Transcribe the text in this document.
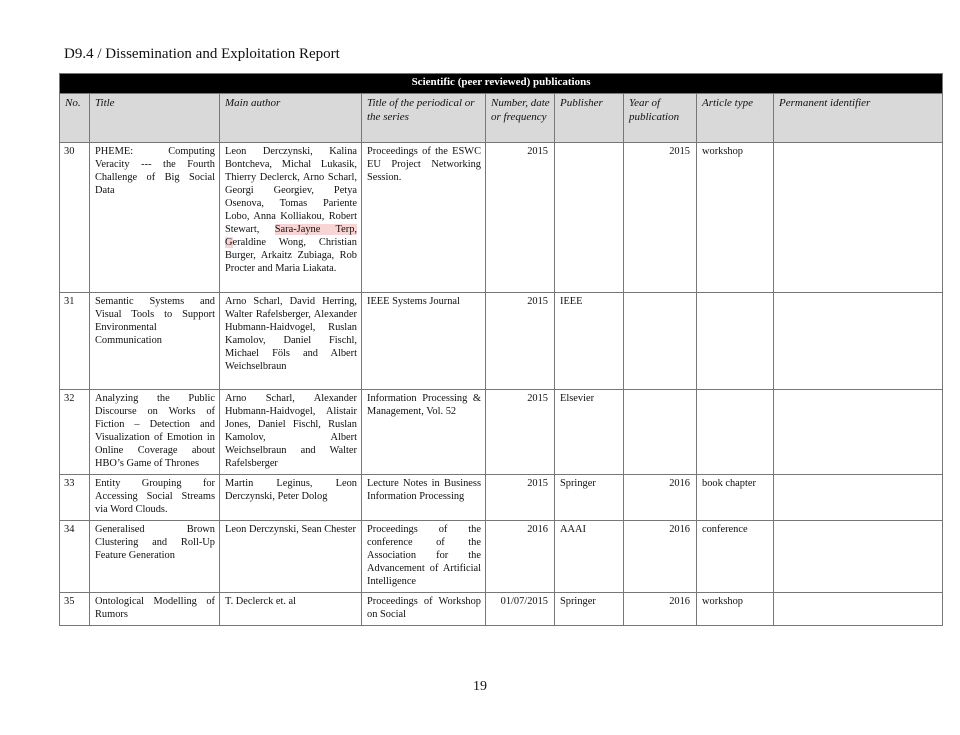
D9.4 / Dissemination and Exploitation Report
Scientific (peer reviewed) publications								
No.	Title	Main author	Title of the periodical or the series	Number, date or frequency	Publisher	Year of publication	Article type	Permanent identifier
30	PHEME: Computing Veracity --- the Fourth Challenge of Big Social Data	Leon Derczynski, Kalina Bontcheva, Michal Lukasik, Thierry Declerck, Arno Scharl, Georgi Georgiev, Petya Osenova, Tomas Pariente Lobo, Anna Kolliakou, Robert Stewart, Sara-Jayne Terp, Geraldine Wong, Christian Burger, Arkaitz Zubiaga, Rob Procter and Maria Liakata.	Proceedings of the ESWC EU Project Networking Session.	2015		2015	workshop	
31	Semantic Systems and Visual Tools to Support Environmental Communication	Arno Scharl, David Herring, Walter Rafelsberger, Alexander Hubmann-Haidvogel, Ruslan Kamolov, Daniel Fischl, Michael Föls and Albert Weichselbraun	IEEE Systems Journal	2015	IEEE			
32	Analyzing the Public Discourse on Works of Fiction – Detection and Visualization of Emotion in Online Coverage about HBO’s Game of Thrones	Arno Scharl, Alexander Hubmann-Haidvogel, Alistair Jones, Daniel Fischl, Ruslan Kamolov, Albert Weichselbraun and Walter Rafelsberger	Information Processing & Management, Vol. 52	2015	Elsevier			
33	Entity Grouping for Accessing Social Streams via Word Clouds.	Martin Leginus, Leon Derczynski, Peter Dolog	Lecture Notes in Business Information Processing	2015	Springer	2016	book chapter	
34	Generalised Brown Clustering and Roll-Up Feature Generation	Leon Derczynski, Sean Chester	Proceedings of the conference of the Association for the Advancement of Artificial Intelligence	2016	AAAI	2016	conference	
35	Ontological Modelling of Rumors	T. Declerck et. al	Proceedings of Workshop on Social	01/07/2015	Springer	2016	workshop	
19
